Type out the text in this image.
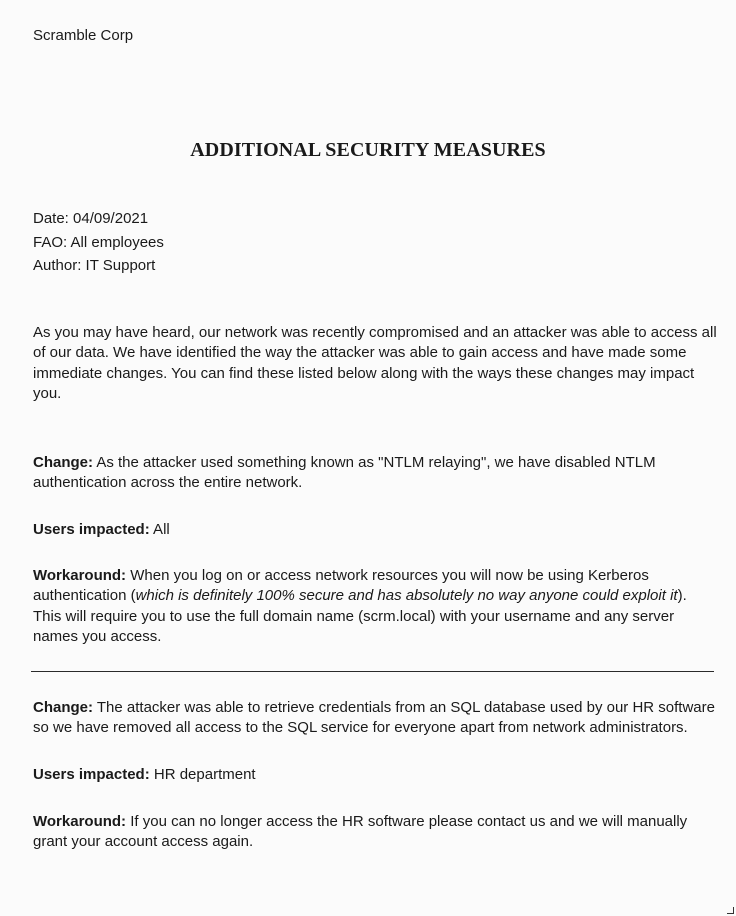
Scramble Corp
ADDITIONAL SECURITY MEASURES
Date: 04/09/2021
FAO: All employees
Author: IT Support
As you may have heard, our network was recently compromised and an attacker was able to access all of our data. We have identified the way the attacker was able to gain access and have made some immediate changes. You can find these listed below along with the ways these changes may impact you.
Change: As the attacker used something known as "NTLM relaying", we have disabled NTLM authentication across the entire network.
Users impacted: All
Workaround: When you log on or access network resources you will now be using Kerberos authentication (which is definitely 100% secure and has absolutely no way anyone could exploit it). This will require you to use the full domain name (scrm.local) with your username and any server names you access.
Change: The attacker was able to retrieve credentials from an SQL database used by our HR software so we have removed all access to the SQL service for everyone apart from network administrators.
Users impacted: HR department
Workaround: If you can no longer access the HR software please contact us and we will manually grant your account access again.
